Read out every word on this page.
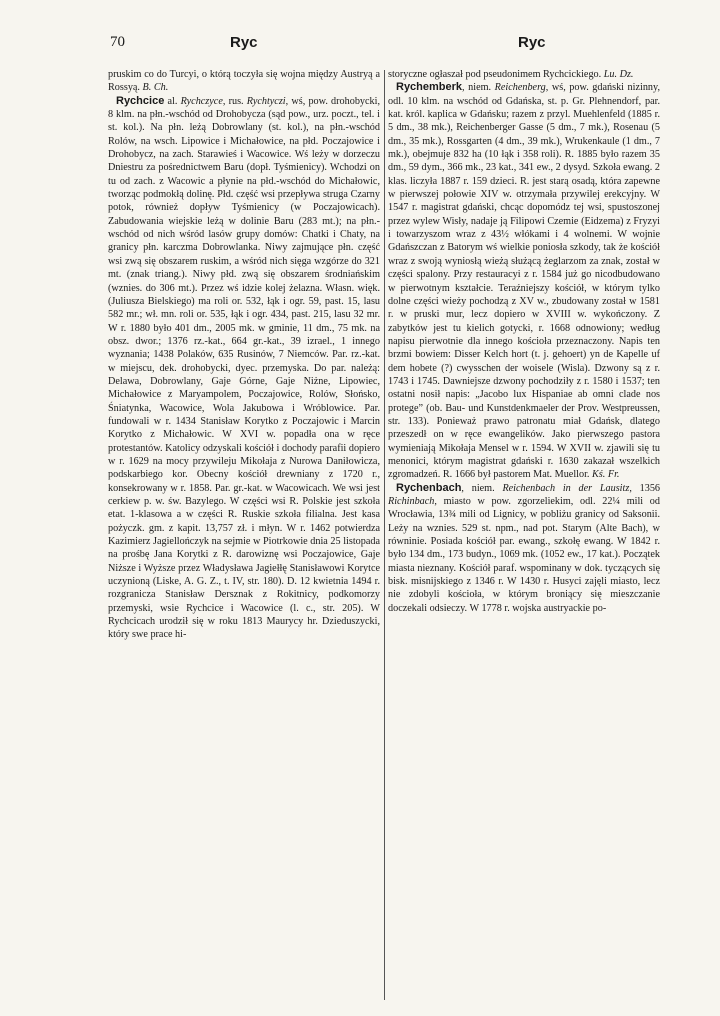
70	Ryc	Ryc

pruskim co do Turcyi, o którą toczyła się wojna między Austryą a Rossyą. B. Ch.

Rychcice al. Rychczyce, rus. Rychtyczi, wś, pow. drohobycki, 8 klm. na płn.-wschód od Drohobycza (sąd pow., urz. poczt., tel. i st. kol.). Na płn. leżą Dobrowlany (st. kol.), na płn.-wschód Rolów, na wsch. Lipowice i Michałowice, na płd. Poczajowice i Drohobycz, na zach. Starawieś i Wacowice. Wś leży w dorzeczu Dniestru za pośrednictwem Baru (dopł. Tyśmienicy). Wchodzi on tu od zach. z Wacowic a płynie na płd.-wschód do Michałowic, tworząc podmokłą dolinę. Płd. część wsi przepływa struga Czarny potok, również dopływ Tyśmienicy (w Poczajowicach). Zabudowania wiejskie leżą w dolinie Baru (283 mt.); na płn.-wschód od nich wśród lasów grupy domów: Chatki i Chaty, na granicy płn. karczma Dobrowlanka. Niwy zajmujące płn. część wsi zwą się obszarem ruskim, a wśród nich sięga wzgórze do 321 mt. (znak triang.). Niwy płd. zwą się obszarem środniańskim (wznies. do 306 mt.). Przez wś idzie kolej żelazna. Własn. więk. (Juliusza Bielskiego) ma roli or. 532, łąk i ogr. 59, past. 15, lasu 582 mr.; wł. mn. roli or. 535, łąk i ogr. 434, past. 215, lasu 32 mr. W r. 1880 było 401 dm., 2005 mk. w gminie, 11 dm., 75 mk. na obsz. dwor.; 1376 rz.-kat., 664 gr.-kat., 39 izrael., 1 innego wyznania; 1438 Polaków, 635 Rusinów, 7 Niemców. Par. rz.-kat. w miejscu, dek. drohobycki, dyec. przemyska. Do par. należą: Delawa, Dobrowlany, Gaje Górne, Gaje Niżne, Lipowiec, Michałowice z Maryampolem, Poczajowice, Rolów, Słońsko, Śniatynka, Wacowice, Wola Jakubowa i Wróblowice. Par. fundowali w r. 1434 Stanisław Korytko z Poczajowic i Marcin Korytko z Michałowic. W XVI w. popadła ona w ręce protestantów. Katolicy odzyskali kościół i dochody parafii dopiero w r. 1629 na mocy przywileju Mikołaja z Nurowa Daniłowicza, podskarbiego kor. Obecny kościół drewniany z 1720 r., konsekrowany w r. 1858. Par. gr.-kat. w Wacowicach. We wsi jest cerkiew p. w. św. Bazylego. W części wsi R. Polskie jest szkoła etat. 1-klasowa a w części R. Ruskie szkoła filialna. Jest kasa pożyczk. gm. z kapit. 13,757 zł. i młyn. W r. 1462 potwierdza Kazimierz Jagiellończyk na sejmie w Piotrkowie dnia 25 listopada na prośbę Jana Korytki z R. darowiznę wsi Poczajowice, Gaje Niższe i Wyższe przez Władysława Jagiełłę Stanisławowi Korytce uczynioną (Liske, A. G. Z., t. IV, str. 180). D. 12 kwietnia 1494 r. rozgranicza Stanisław Dersznak z Rokitnicy, podkomorzy przemyski, wsie Rychcice i Wacowice (l. c., str. 205). W Rychcicach urodził się w roku 1813 Maurycy hr. Dzieduszycki, który swe prace hi-

storyczne ogłaszał pod pseudonimem Rychcickiego. Lu. Dz.

Rychemberk, niem. Reichenberg, wś, pow. gdański nizinny, odl. 10 klm. na wschód od Gdańska, st. p. Gr. Plehnendorf, par. kat. król. kaplica w Gdańsku; razem z przyl. Muehlenfeld (1885 r. 5 dm., 38 mk.), Reichenberger Gasse (5 dm., 7 mk.), Rosenau (5 dm., 35 mk.), Rossgarten (4 dm., 39 mk.), Wrukenkaule (1 dm., 7 mk.), obejmuje 832 ha (10 łąk i 358 roli). R. 1885 było razem 35 dm., 59 dym., 366 mk., 23 kat., 341 ew., 2 dysyd. Szkoła ewang. 2 klas. liczyła 1887 r. 159 dzieci. R. jest starą osadą, która zapewne w pierwszej połowie XIV w. otrzymała przywilej erekcyjny. W 1547 r. magistrat gdański, chcąc dopomódz tej wsi, spustoszonej przez wylew Wisły, nadaje ją Filipowi Czemie (Eidzema) z Fryzyi i towarzyszom wraz z 43½ włókami i 4 wolnemi. W wojnie Gdańszczan z Batorym wś wielkie poniosła szkody, tak że kościół wraz z swoją wyniosłą wieżą służącą żeglarzom za znak, został w części spalony. Przy restauracyi z r. 1584 już go nicodbudowano w pierwotnym kształcie. Teraźniejszy kościół, w którym tylko dolne części wieży pochodzą z XV w., zbudowany został w 1581 r. w pruski mur, lecz dopiero w XVIII w. wykończony. Z zabytków jest tu kielich gotycki, r. 1668 odnowiony; według napisu pierwotnie dla innego kościoła przeznaczony. Napis ten brzmi bowiem: Disser Kelch hort (t. j. gehoert) yn de Kapelle uf dem hobete (?) cwysschen der woisele (Wisla). Dzwony są z r. 1743 i 1745. Dawniejsze dzwony pochodziły z r. 1580 i 1537; ten ostatni nosił napis: „Jacobo lux Hispaniae ab omni clade nos protege” (ob. Bau- und Kunstdenkmaeler der Prov. Westpreussen, str. 133). Ponieważ prawo patronatu miał Gdańsk, dlatego przeszedł on w ręce ewangelików. Jako pierwszego pastora wymieniają Mikołaja Mensel w r. 1594. W XVII w. zjawili się tu menonici, którym magistrat gdański r. 1630 zakazał wszelkich zgromadzeń. R. 1666 był pastorem Mat. Muellor. Kś. Fr.

Rychenbach, niem. Reichenbach in der Lausitz, 1356 Richinbach, miasto w pow. zgorzeliekim, odl. 22¼ mili od Wrocławia, 13¾ mili od Lignicy, w pobliżu granicy od Saksonii. Leży na wznies. 529 st. npm., nad pot. Starym (Alte Bach), w równinie. Posiada kościół par. ewang., szkołę ewang. W 1842 r. było 134 dm., 173 budyn., 1069 mk. (1052 ew., 17 kat.). Początek miasta nieznany. Kościół paraf. wspominany w dok. tyczących się bisk. misnijskiego z 1346 r. W 1430 r. Husyci zajęli miasto, lecz nie zdobyli kościoła, w którym broniący się mieszczanie doczekali odsieczy. W 1778 r. wojska austryackie po-
